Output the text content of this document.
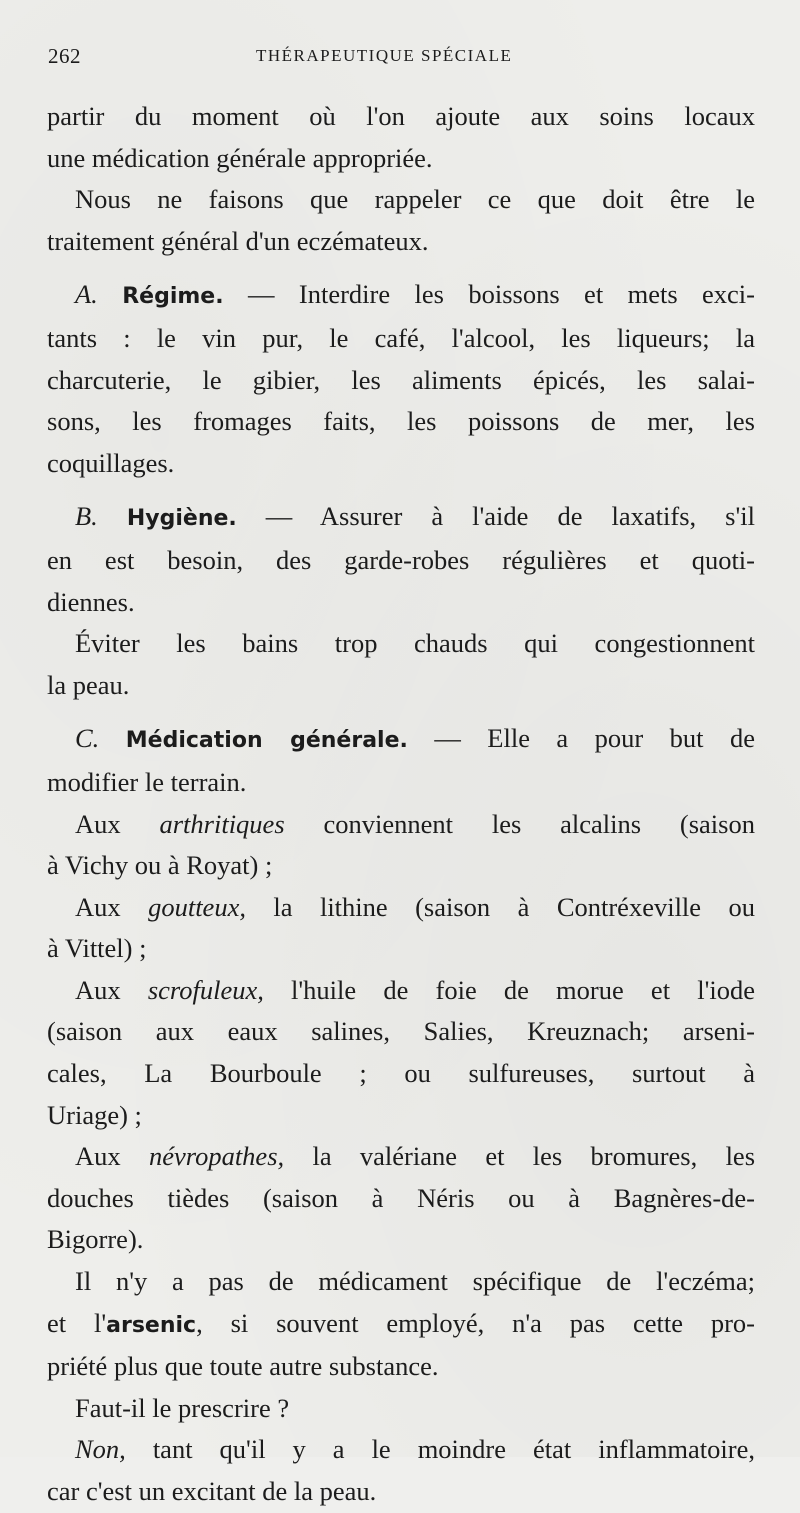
262	THÉRAPEUTIQUE SPÉCIALE

partir du moment où l'on ajoute aux soins locaux
une médication générale appropriée.

Nous ne faisons que rappeler ce que doit être le
traitement général d'un eczémateux.

A. Régime. — Interdire les boissons et mets exci-
tants : le vin pur, le café, l'alcool, les liqueurs; la
charcuterie, le gibier, les aliments épicés, les salai-
sons, les fromages faits, les poissons de mer, les
coquillages.

B. Hygiène. — Assurer à l'aide de laxatifs, s'il
en est besoin, des garde-robes régulières et quoti-
diennes.

Éviter les bains trop chauds qui congestionnent
la peau.

C. Médication générale. — Elle a pour but de
modifier le terrain.

Aux arthritiques conviennent les alcalins (saison
à Vichy ou à Royat) ;

Aux goutteux, la lithine (saison à Contréxeville ou
à Vittel) ;

Aux scrofuleux, l'huile de foie de morue et l'iode
(saison aux eaux salines, Salies, Kreuznach; arseni-
cales, La Bourboule ; ou sulfureuses, surtout à
Uriage) ;

Aux névropathes, la valériane et les bromures, les
douches tièdes (saison à Néris ou à Bagnères-de-
Bigorre).

Il n'y a pas de médicament spécifique de l'eczéma;
et l'arsenic, si souvent employé, n'a pas cette pro-
priété plus que toute autre substance.

Faut-il le prescrire ?

Non, tant qu'il y a le moindre état inflammatoire,
car c'est un excitant de la peau.
